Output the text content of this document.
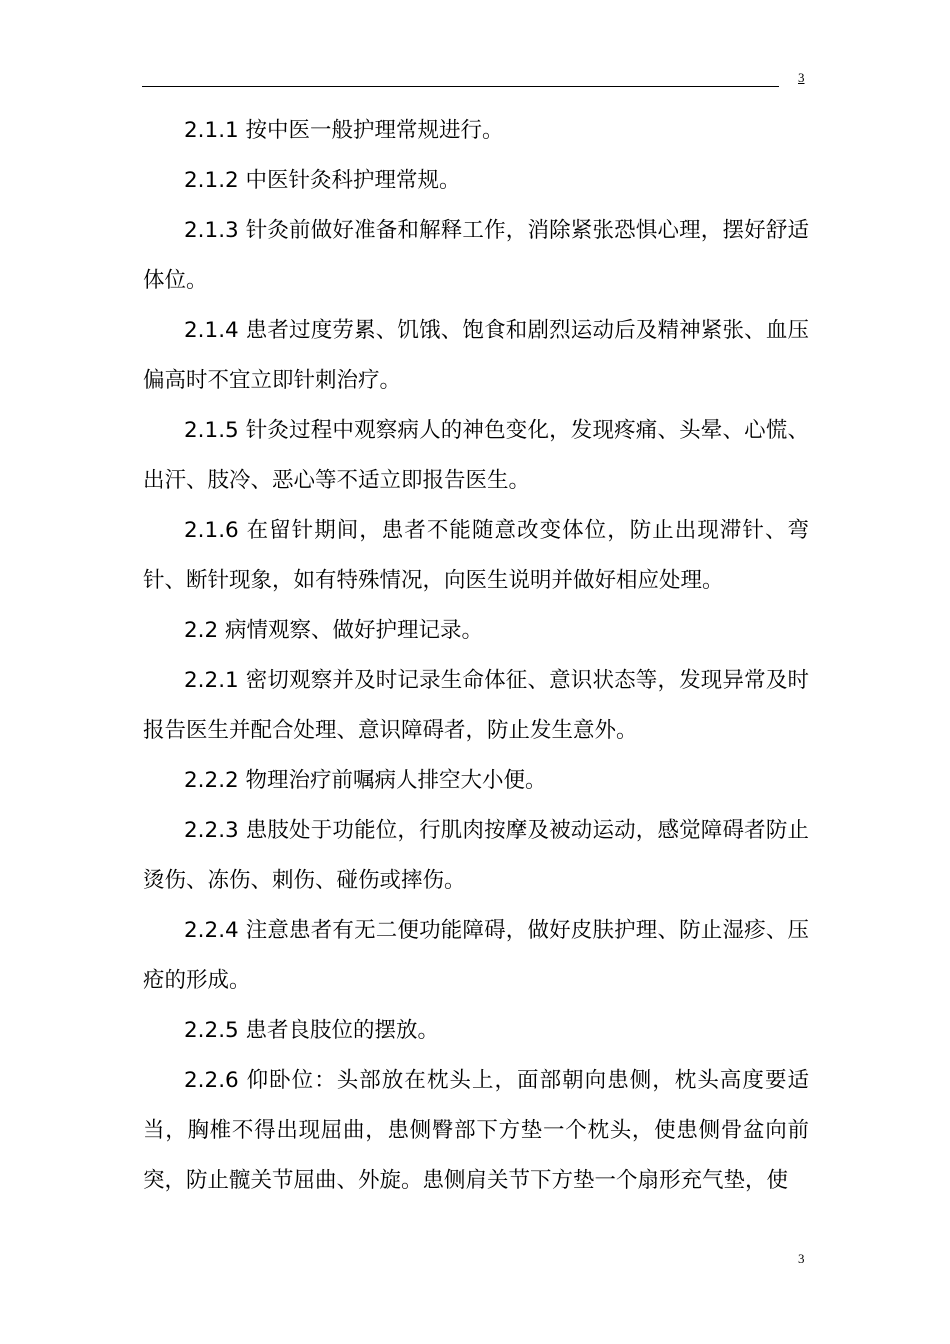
3

2.1.1 按中医一般护理常规进行。

2.1.2 中医针灸科护理常规。

2.1.3 针灸前做好准备和解释工作，消除紧张恐惧心理，摆好舒适体位。

2.1.4 患者过度劳累、饥饿、饱食和剧烈运动后及精神紧张、血压偏高时不宜立即针刺治疗。

2.1.5 针灸过程中观察病人的神色变化，发现疼痛、头晕、心慌、出汗、肢冷、恶心等不适立即报告医生。

2.1.6 在留针期间，患者不能随意改变体位，防止出现滞针、弯针、断针现象，如有特殊情况，向医生说明并做好相应处理。

2.2 病情观察、做好护理记录。

2.2.1 密切观察并及时记录生命体征、意识状态等，发现异常及时报告医生并配合处理、意识障碍者，防止发生意外。

2.2.2 物理治疗前嘱病人排空大小便。

2.2.3 患肢处于功能位，行肌肉按摩及被动运动，感觉障碍者防止烫伤、冻伤、刺伤、碰伤或摔伤。

2.2.4 注意患者有无二便功能障碍，做好皮肤护理、防止湿疹、压疮的形成。

2.2.5 患者良肢位的摆放。

2.2.6 仰卧位：头部放在枕头上，面部朝向患侧，枕头高度要适当，胸椎不得出现屈曲，患侧臀部下方垫一个枕头，使患侧骨盆向前突，防止髋关节屈曲、外旋。患侧肩关节下方垫一个扇形充气垫，使

3
